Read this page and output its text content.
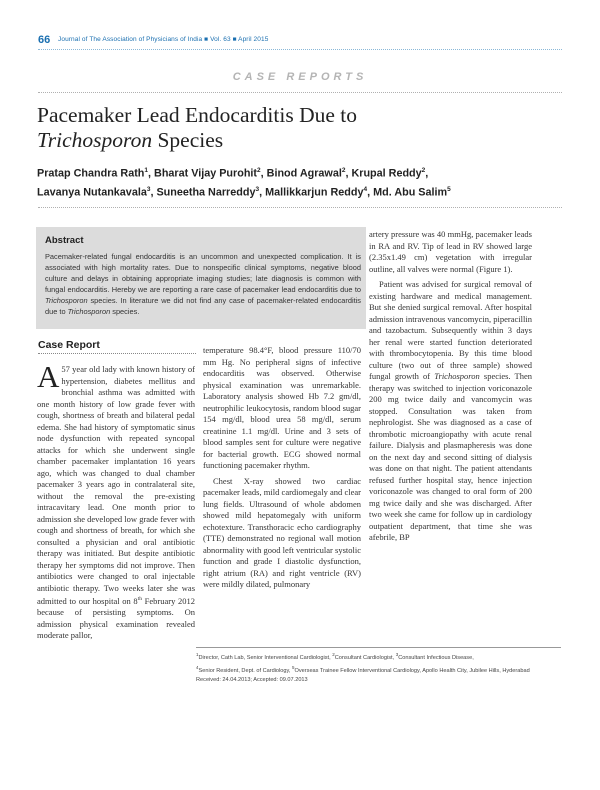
66 Journal of The Association of Physicians of India ■ Vol. 63 ■ April 2015
CASE REPORTS
Pacemaker Lead Endocarditis Due to
Trichosporon Species
Pratap Chandra Rath$^1$, Bharat Vijay Purohit$^2$, Binod Agrawal$^2$, Krupal Reddy$^2$,
Lavanya Nutankavala$^3$, Suneetha Narreddy$^3$, Mallikkarjun Reddy$^4$, Md. Abu Salim$^5$
Abstract
Pacemaker-related fungal endocarditis is an uncommon and unexpected complication. It is associated with high mortality rates. Due to nonspecific clinical symptoms, negative blood culture and delays in obtaining appropriate imaging studies; late diagnosis is common with fungal endocarditis. Hereby we are reporting a rare case of pacemaker lead endocarditis due to Trichosporon species. In literature we did not find any case of pacemaker-related endocarditis due to Trichosporon species.
Case Report

A 57 year old lady with known history of hypertension, diabetes mellitus and bronchial asthma was admitted with one month history of low grade fever with cough, shortness of breath and bilateral pedal edema. She had history of symptomatic sinus node dysfunction with repeated syncopal attacks for which she underwent single chamber pacemaker implantation 16 years ago, which was changed to dual chamber pacemaker 3 years ago in contralateral site, without the removal the pre-existing intracavitary lead. One month prior to admission she developed low grade fever with cough and shortness of breath, for which she consulted a physician and oral antibiotic therapy was initiated. But despite antibiotic therapy her symptoms did not improve. Then antibiotics were changed to oral injectable antibiotic therapy. Two weeks later she was admitted to our hospital on 8th February 2012 because of persisting symptoms. On admission physical examination revealed moderate pallor,

temperature 98.4°F, blood pressure 110/70 mm Hg. No peripheral signs of infective endocarditis was observed. Otherwise physical examination was unremarkable. Laboratory analysis showed Hb 7.2 gm/dl, neutrophilic leukocytosis, random blood sugar 154 mg/dl, blood urea 58 mg/dl, serum creatinine 1.1 mg/dl. Urine and 3 sets of blood samples sent for culture were negative for bacterial growth. ECG showed normal functioning pacemaker rhythm.

Chest X-ray showed two cardiac pacemaker leads, mild cardiomegaly and clear lung fields. Ultrasound of whole abdomen showed mild hepatomegaly with uniform echotexture. Transthoracic echo cardiography (TTE) demonstrated no regional wall motion abnormality with good left ventricular systolic function and grade I diastolic dysfunction, right atrium (RA) and right ventricle (RV) were mildly dilated, pulmonary

artery pressure was 40 mmHg, pacemaker leads in RA and RV. Tip of lead in RV showed large (2.35x1.49 cm) vegetation with irregular outline, all valves were normal (Figure 1).

Patient was advised for surgical removal of existing hardware and medical management. But she denied surgical removal. After hospital admission intravenous vancomycin, piperacillin and tazobactum. Subsequently within 3 days her renal were started function deteriorated with thrombocytopenia. By this time blood culture (two out of three sample) showed fungal growth of Trichosporon species. Then therapy was switched to injection voriconazole 200 mg twice daily and vancomycin was stopped. Consultation was taken from nephrologist. She was diagnosed as a case of thrombotic microangiopathy with acute renal failure. Dialysis and plasmapheresis was done on the next day and second sitting of dialysis was done on that night. The patient attendants refused further hospital stay, hence injection voriconazole was changed to oral form of 200 mg twice daily and she was discharged. After two week she came for follow up in cardiology outpatient department, that time she was afebrile, BP

$^1$Director, Cath Lab, Senior Interventional Cardiologist, $^2$Consultant Cardiologist, $^3$Consultant Infectious Disease,
$^4$Senior Resident, Dept. of Cardiology, $^5$Overseas Trainee Fellow Interventional Cardiology, Apollo Health City, Jubilee Hills, Hyderabad
Received: 24.04.2013; Accepted: 09.07.2013
